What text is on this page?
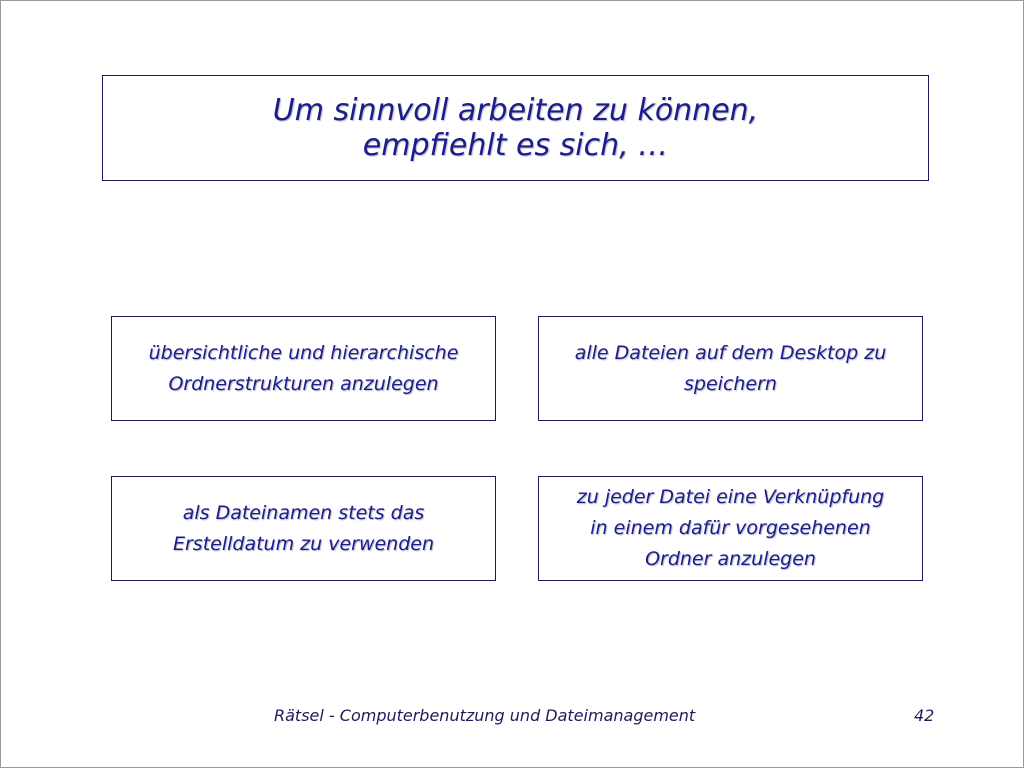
Um sinnvoll arbeiten zu können,
empfiehlt es sich, …
übersichtliche und hierarchische
Ordnerstrukturen anzulegen
alle Dateien auf dem Desktop zu
speichern
als Dateinamen stets das
Erstelldatum zu verwenden
zu jeder Datei eine Verknüpfung
in einem dafür vorgesehenen
Ordner anzulegen
Rätsel - Computerbenutzung und Dateimanagement	42
